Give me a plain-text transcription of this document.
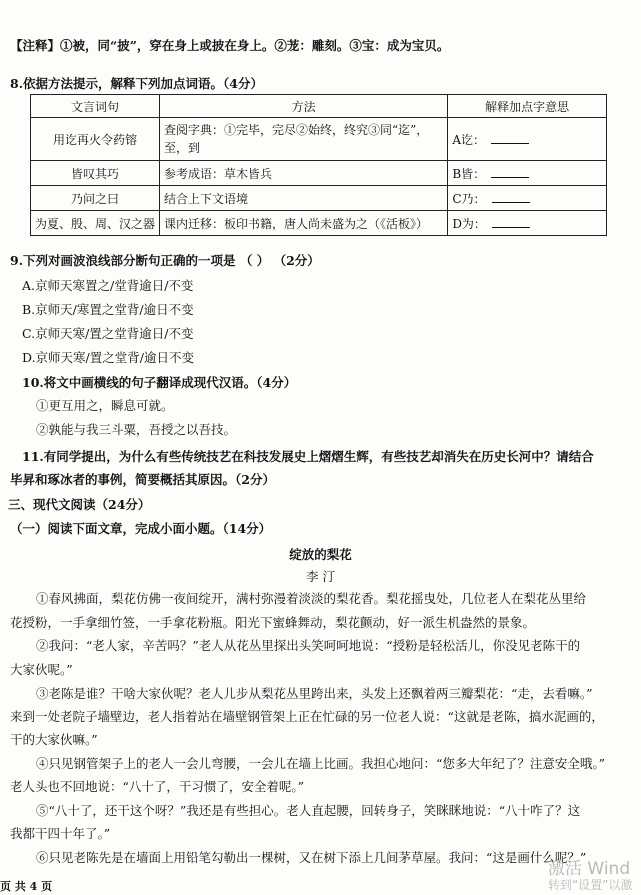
【注释】①被，同“披”，穿在身上或披在身上。②茏：雕刻。③宝：成为宝贝。
8.依据方法提示，解释下列加点词语。（4分）
文言词句	方法	解释加点字意思
用讫再火令药镕	查阅字典：①完毕，完尽②始终，终究③同“迄”，至，到	A讫：
皆叹其巧	参考成语：草木皆兵	B皆：
乃问之曰	结合上下文语境	C乃：
为夏、殷、周、汉之器	课内迁移：板印书籍，唐人尚未盛为之（《活板》）	D为：
9.下列对画波浪线部分断句正确的一项是 （ ） （2分）
A.京师天寒置之/堂背逾日/不变
B.京师天/寒置之堂背/逾日不变
C.京师天寒/置之堂背逾日/不变
D.京师天寒/置之堂背/逾日不变
10.将文中画横线的句子翻译成现代汉语。（4分）
①更互用之，瞬息可就。
②孰能与我三斗粟，吾授之以吾技。
11.有同学提出，为什么有些传统技艺在科技发展史上熠熠生辉，有些技艺却消失在历史长河中？请结合
毕昇和琢冰者的事例，简要概括其原因。（2分）
三、现代文阅读（24分）
（一）阅读下面文章，完成小面小题。（14分）
绽放的梨花
李 汀
①春风拂面，梨花仿佛一夜间绽开，满村弥漫着淡淡的梨花香。梨花摇曳处，几位老人在梨花丛里给
花授粉，一手拿细竹签，一手拿花粉瓶。阳光下蜜蜂舞动，梨花颤动，好一派生机盎然的景象。
②我问：“老人家，辛苦吗？”老人从花丛里探出头笑呵呵地说：“授粉是轻松活儿，你没见老陈干的
大家伙呢。”
③老陈是谁？干啥大家伙呢？老人儿步从梨花丛里跨出来，头发上还飘着两三瓣梨花：“走，去看嘛。”
来到一处老院子墙壁边，老人指着站在墙壁钢管架上正在忙碌的另一位老人说：“这就是老陈，搞水泥画的，
干的大家伙嘛。”
④只见钢管架子上的老人一会儿弯腰，一会儿在墙上比画。我担心地问：“您多大年纪了？注意安全哦。”
老人头也不回地说：“八十了，干习惯了，安全着呢。”
⑤“八十了，还干这个呀？”我还是有些担心。老人直起腰，回转身子，笑眯眯地说：“八十咋了？这
我都干四十年了。”
⑥只见老陈先是在墙面上用铅笔勾勒出一棵树，又在树下添上几间茅草屋。我问：“这是画什么呢？”
页 共 4 页
激活 Wind
转到“设置”以激
